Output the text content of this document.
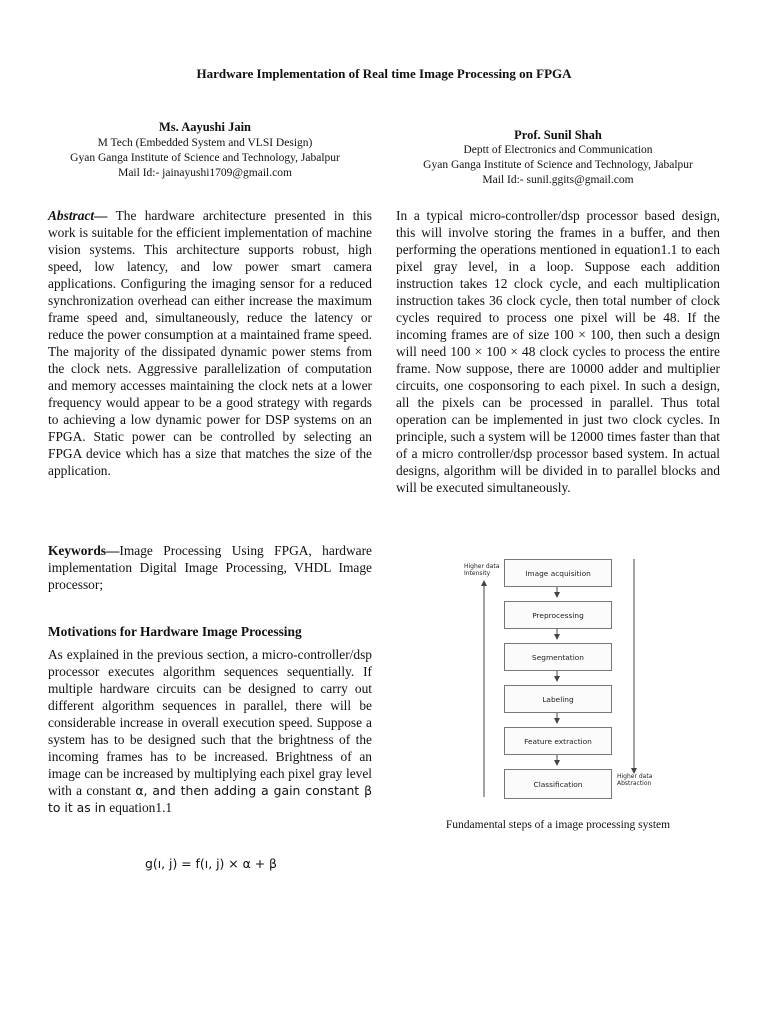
Hardware Implementation of Real time Image Processing on FPGA
Ms. Aayushi Jain
M Tech (Embedded System and VLSI Design)
Gyan Ganga Institute of Science and Technology, Jabalpur
Mail Id:- jainayushi1709@gmail.com
Prof. Sunil Shah
Deptt of Electronics and Communication
Gyan Ganga Institute of Science and Technology, Jabalpur
Mail Id:- sunil.ggits@gmail.com
Abstract— The hardware architecture presented in this work is suitable for the efficient implementation of machine vision systems. This architecture supports robust, high speed, low latency, and low power smart camera applications. Configuring the imaging sensor for a reduced synchronization overhead can either increase the maximum frame speed and, simultaneously, reduce the latency or reduce the power consumption at a maintained frame speed. The majority of the dissipated dynamic power stems from the clock nets. Aggressive parallelization of computation and memory accesses maintaining the clock nets at a lower frequency would appear to be a good strategy with regards to achieving a low dynamic power for DSP systems on an FPGA. Static power can be controlled by selecting an FPGA device which has a size that matches the size of the application.
Keywords—Image Processing Using FPGA, hardware implementation Digital Image Processing, VHDL Image processor;
Motivations for Hardware Image Processing
As explained in the previous section, a micro-controller/dsp processor executes algorithm sequences sequentially. If multiple hardware circuits can be designed to carry out different algorithm sequences in parallel, there will be considerable increase in overall execution speed. Suppose a system has to be designed such that the brightness of the incoming frames has to be increased. Brightness of an image can be increased by multiplying each pixel gray level with a constant α, and then adding a gain constant β to it as in equation1.1
g(ı, j) = f(ı, j) × α + β
In a typical micro-controller/dsp processor based design, this will involve storing the frames in a buffer, and then performing the operations mentioned in equation1.1 to each pixel gray level, in a loop. Suppose each addition instruction takes 12 clock cycle, and each multiplication instruction takes 36 clock cycle, then total number of clock cycles required to process one pixel will be 48. If the incoming frames are of size 100 × 100, then such a design will need 100 × 100 × 48 clock cycles to process the entire frame. Now suppose, there are 10000 adder and multiplier circuits, one cosponsoring to each pixel. In such a design, all the pixels can be processed in parallel. Thus total operation can be implemented in just two clock cycles. In principle, such a system will be 12000 times faster than that of a micro controller/dsp processor based system. In actual designs, algorithm will be divided in to parallel blocks and will be executed simultaneously.
Image acquisition
Preprocessing
Segmentation
Labeling
Feature extraction
Classification
Higher data
Intensity
Higher data
Abstraction
Fundamental steps of a image processing system
